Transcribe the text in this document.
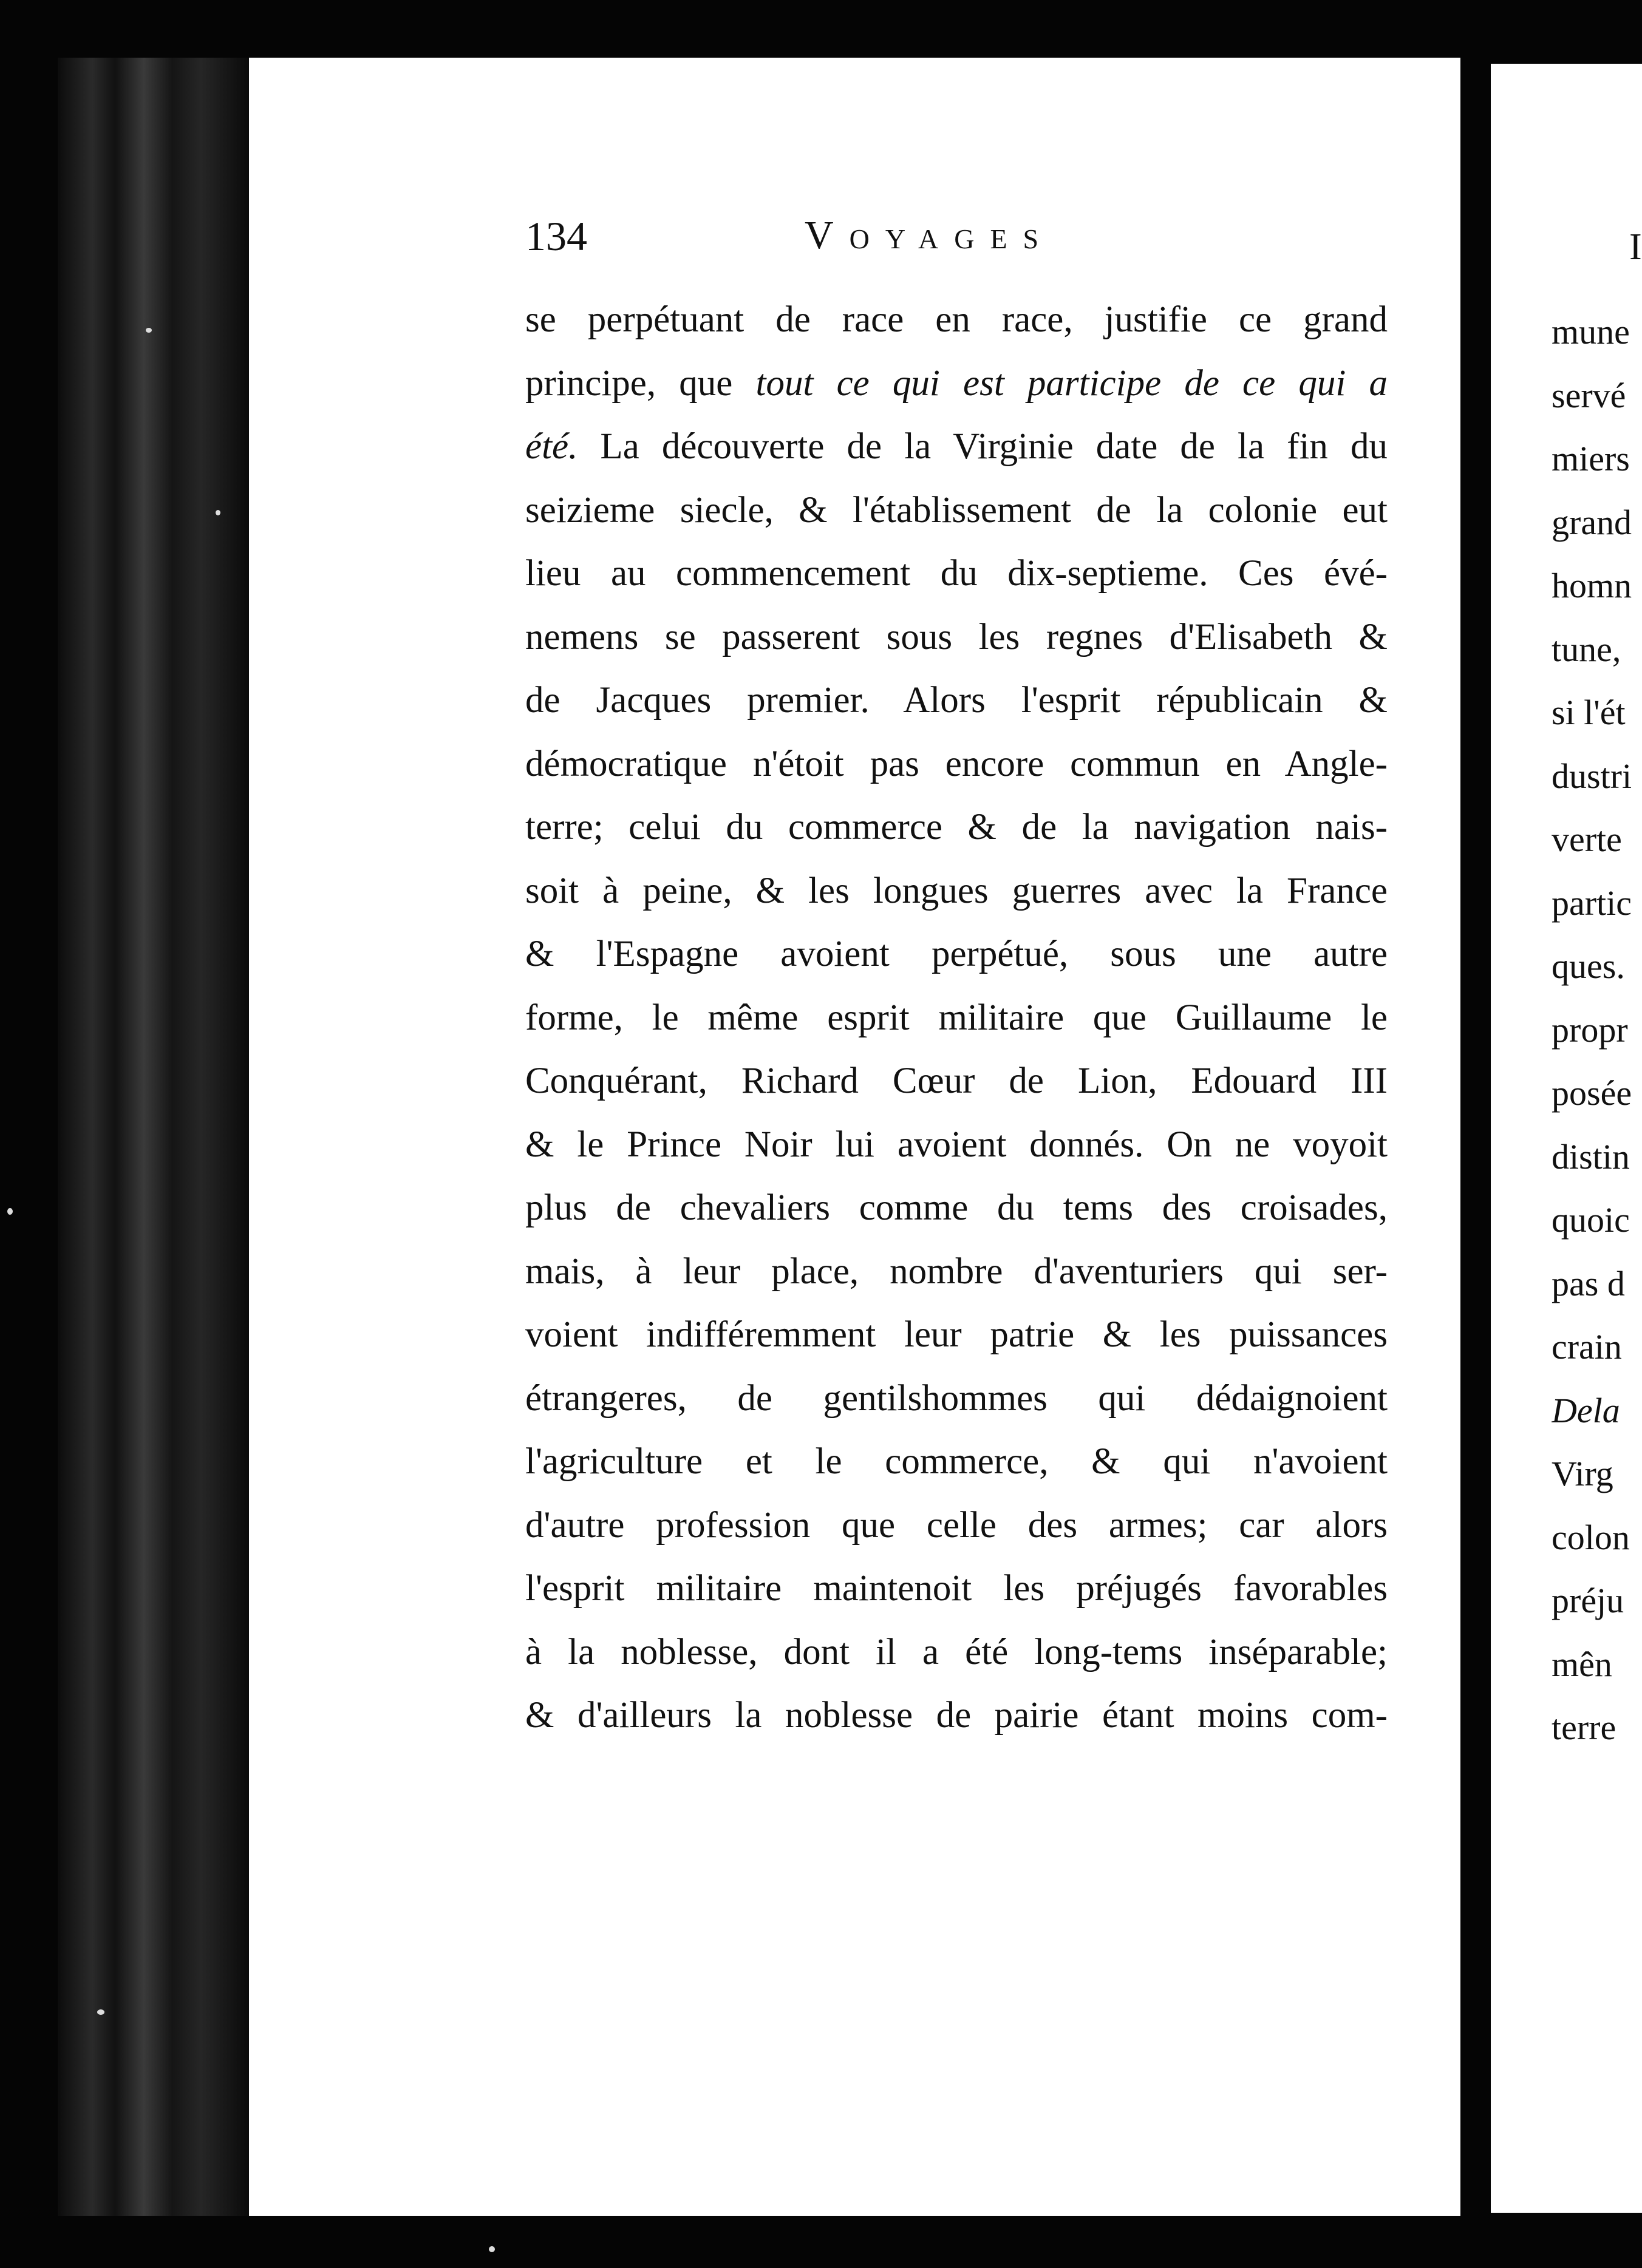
134	Voyages
se perpétuant de race en race, justifie ce grand
principe, que tout ce qui est participe de ce qui a
été. La découverte de la Virginie date de la fin du
seizieme siecle, & l'établissement de la colonie eut
lieu au commencement du dix-septieme. Ces évé-
nemens se passerent sous les regnes d'Elisabeth &
de Jacques premier. Alors l'esprit républicain &
démocratique n'étoit pas encore commun en Angle-
terre; celui du commerce & de la navigation nais-
soit à peine, & les longues guerres avec la France
& l'Espagne avoient perpétué, sous une autre
forme, le même esprit militaire que Guillaume le
Conquérant, Richard Cœur de Lion, Edouard III
& le Prince Noir lui avoient donnés. On ne voyoit
plus de chevaliers comme du tems des croisades,
mais, à leur place, nombre d'aventuriers qui ser-
voient indifféremment leur patrie & les puissances
étrangeres, de gentilshommes qui dédaignoient
l'agriculture et le commerce, & qui n'avoient
d'autre profession que celle des armes; car alors
l'esprit militaire maintenoit les préjugés favorables
à la noblesse, dont il a été long-tems inséparable;
& d'ailleurs la noblesse de pairie étant moins com-
I
mune
servé
miers
grand
homn
tune,
si l'ét
dustri
verte
partic
ques.
propr
posée
distin
quoic
pas d
crain
Dela
Virg
colon
préju
mên
terre
